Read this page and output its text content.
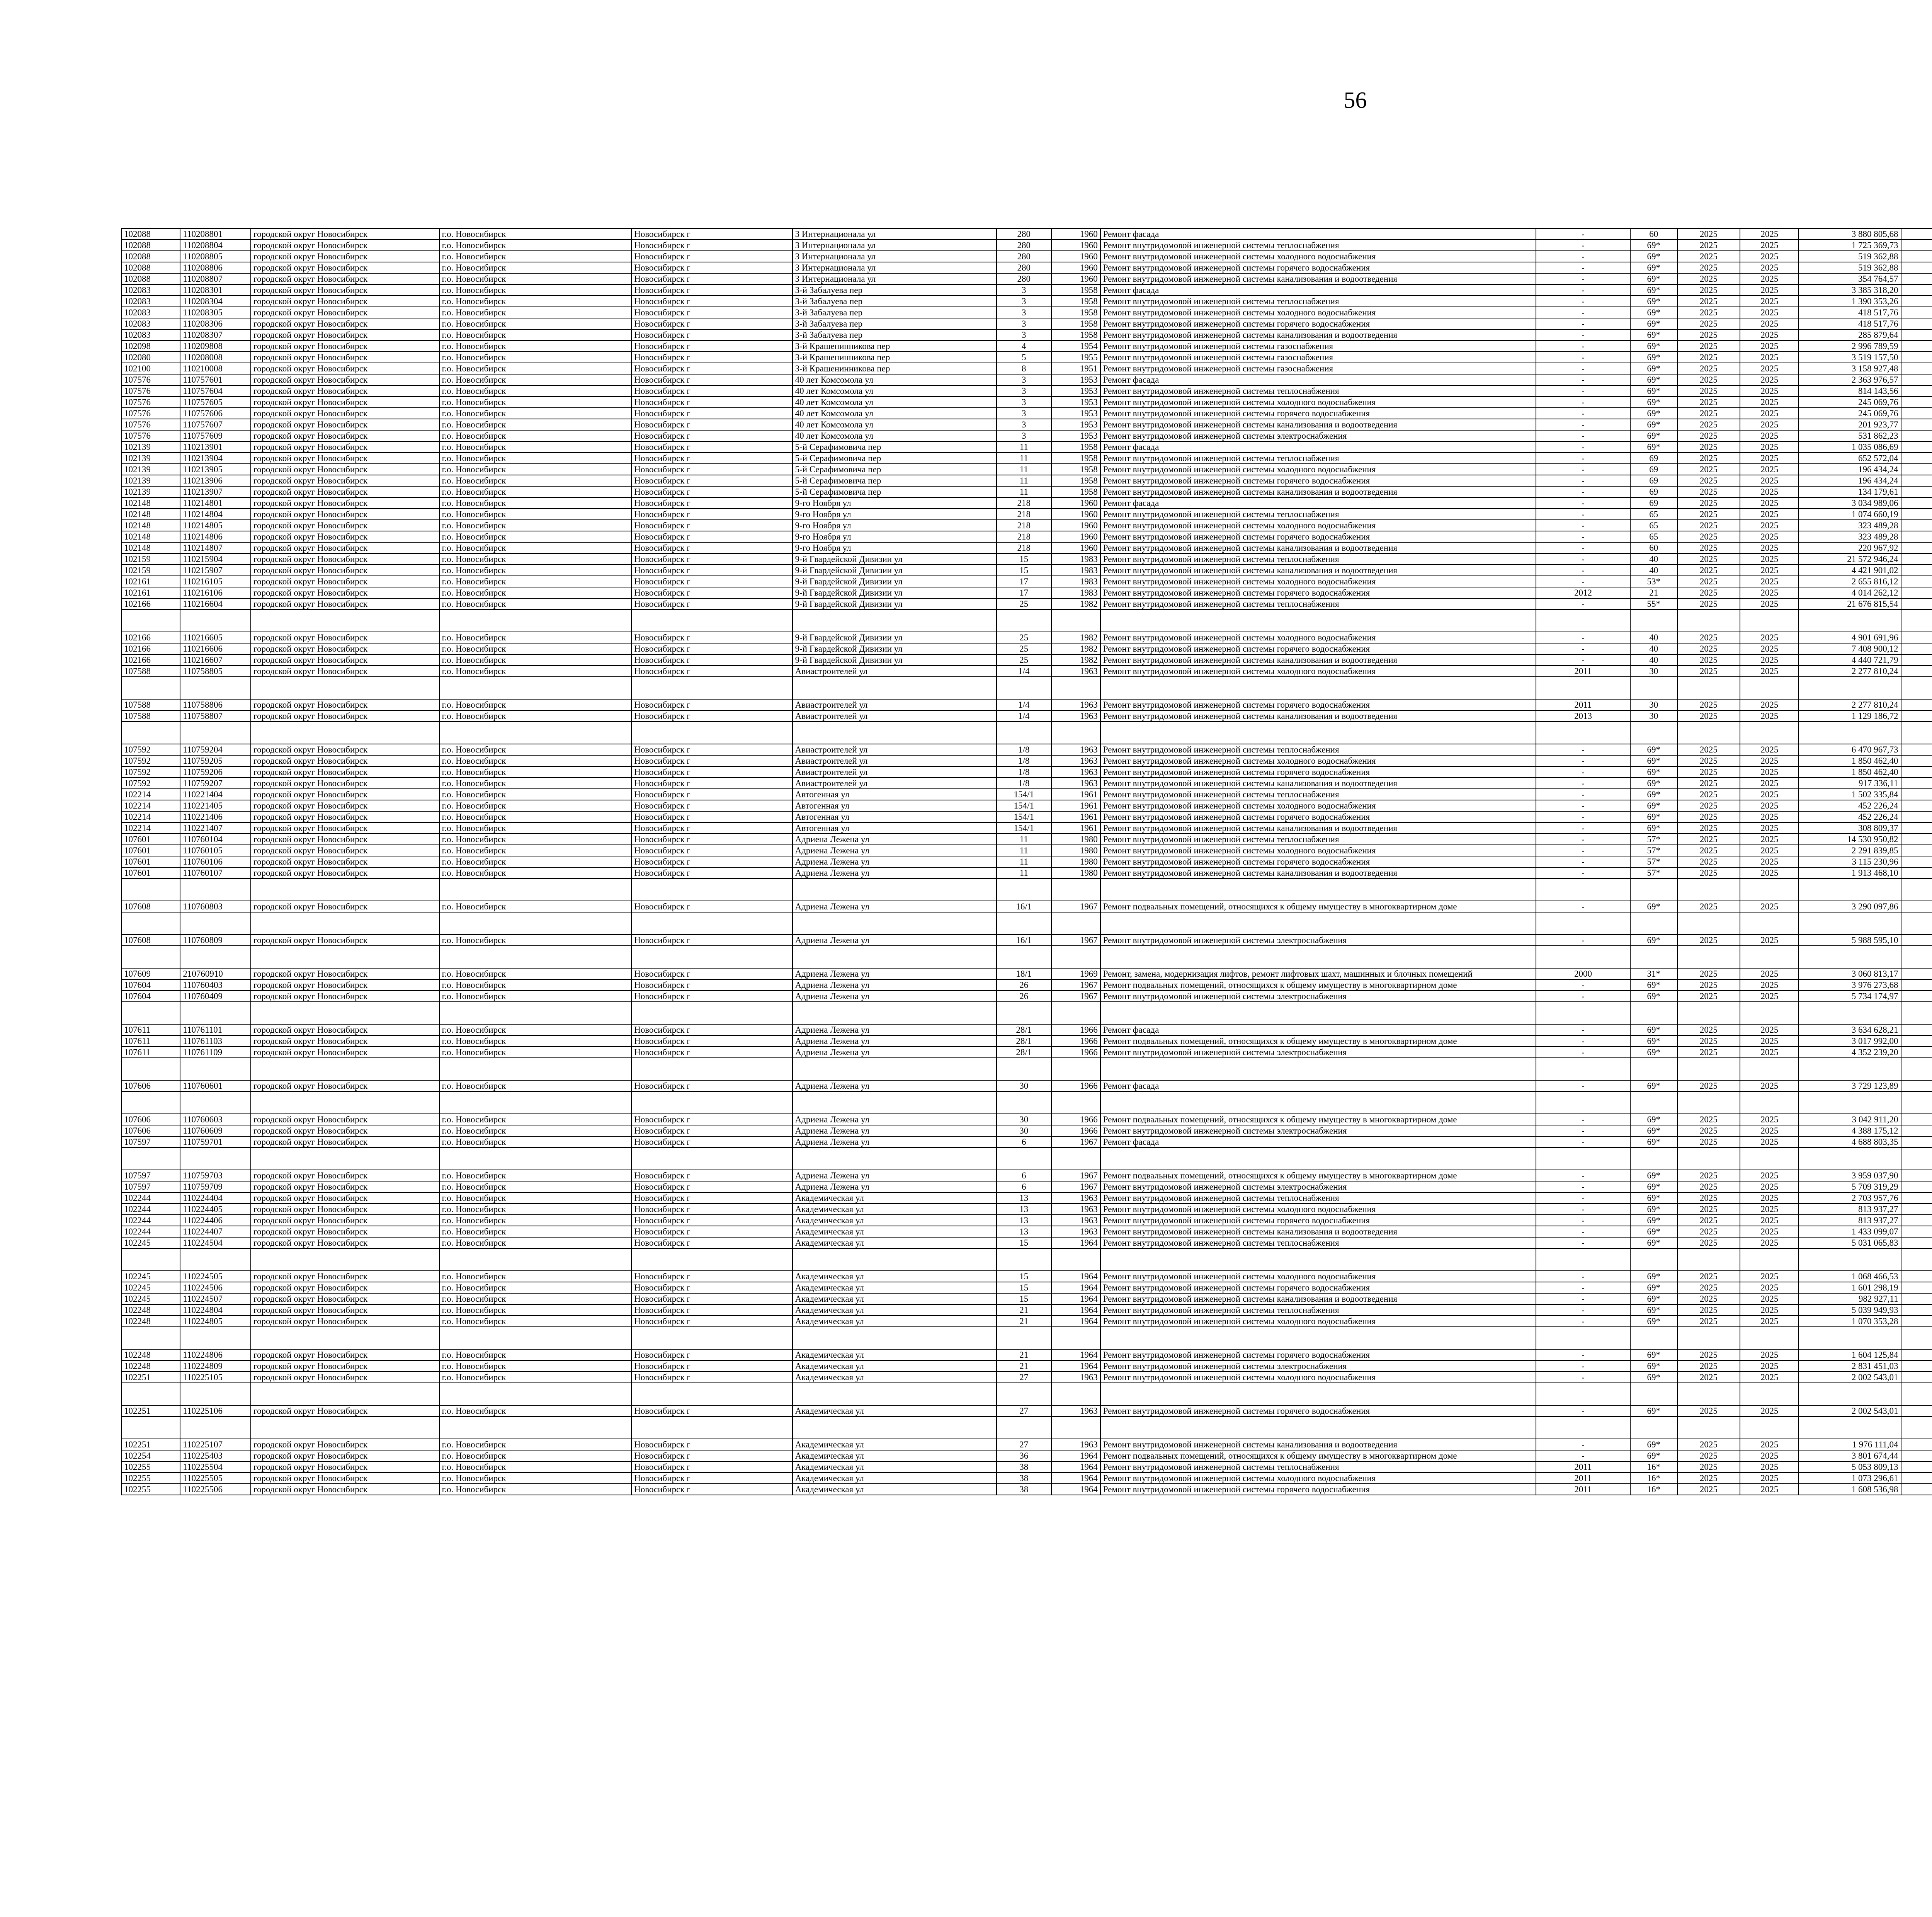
56
102088	110208801	городской округ Новосибирск	г.о. Новосибирск	Новосибирск г	3 Интернационала ул	280	1960	Ремонт фасада	-	60	2025	2025	3 880 805,68							
102088	110208804	городской округ Новосибирск	г.о. Новосибирск	Новосибирск г	3 Интернационала ул	280	1960	Ремонт внутридомовой инженерной системы теплоснабжения	-	69*	2025	2025	1 725 369,73							
102088	110208805	городской округ Новосибирск	г.о. Новосибирск	Новосибирск г	3 Интернационала ул	280	1960	Ремонт внутридомовой инженерной системы холодного водоснабжения	-	69*	2025	2025	519 362,88							
102088	110208806	городской округ Новосибирск	г.о. Новосибирск	Новосибирск г	3 Интернационала ул	280	1960	Ремонт внутридомовой инженерной системы горячего водоснабжения	-	69*	2025	2025	519 362,88							
102088	110208807	городской округ Новосибирск	г.о. Новосибирск	Новосибирск г	3 Интернационала ул	280	1960	Ремонт внутридомовой инженерной системы канализования и водоотведения	-	69*	2025	2025	354 764,57							
102083	110208301	городской округ Новосибирск	г.о. Новосибирск	Новосибирск г	3-й Забалуева пер	3	1958	Ремонт фасада	-	69*	2025	2025	3 385 318,20							
102083	110208304	городской округ Новосибирск	г.о. Новосибирск	Новосибирск г	3-й Забалуева пер	3	1958	Ремонт внутридомовой инженерной системы теплоснабжения	-	69*	2025	2025	1 390 353,26							
102083	110208305	городской округ Новосибирск	г.о. Новосибирск	Новосибирск г	3-й Забалуева пер	3	1958	Ремонт внутридомовой инженерной системы холодного водоснабжения	-	69*	2025	2025	418 517,76							
102083	110208306	городской округ Новосибирск	г.о. Новосибирск	Новосибирск г	3-й Забалуева пер	3	1958	Ремонт внутридомовой инженерной системы горячего водоснабжения	-	69*	2025	2025	418 517,76							
102083	110208307	городской округ Новосибирск	г.о. Новосибирск	Новосибирск г	3-й Забалуева пер	3	1958	Ремонт внутридомовой инженерной системы канализования и водоотведения	-	69*	2025	2025	285 879,64							
102098	110209808	городской округ Новосибирск	г.о. Новосибирск	Новосибирск г	3-й Крашенинникова пер	4	1954	Ремонт внутридомовой инженерной системы газоснабжения	-	69*	2025	2025	2 996 789,59							
102080	110208008	городской округ Новосибирск	г.о. Новосибирск	Новосибирск г	3-й Крашенинникова пер	5	1955	Ремонт внутридомовой инженерной системы газоснабжения	-	69*	2025	2025	3 519 157,50							
102100	110210008	городской округ Новосибирск	г.о. Новосибирск	Новосибирск г	3-й Крашенинникова пер	8	1951	Ремонт внутридомовой инженерной системы газоснабжения	-	69*	2025	2025	3 158 927,48							
107576	110757601	городской округ Новосибирск	г.о. Новосибирск	Новосибирск г	40 лет Комсомола ул	3	1953	Ремонт фасада	-	69*	2025	2025	2 363 976,57							
107576	110757604	городской округ Новосибирск	г.о. Новосибирск	Новосибирск г	40 лет Комсомола ул	3	1953	Ремонт внутридомовой инженерной системы теплоснабжения	-	69*	2025	2025	814 143,56							
107576	110757605	городской округ Новосибирск	г.о. Новосибирск	Новосибирск г	40 лет Комсомола ул	3	1953	Ремонт внутридомовой инженерной системы холодного водоснабжения	-	69*	2025	2025	245 069,76							
107576	110757606	городской округ Новосибирск	г.о. Новосибирск	Новосибирск г	40 лет Комсомола ул	3	1953	Ремонт внутридомовой инженерной системы горячего водоснабжения	-	69*	2025	2025	245 069,76							
107576	110757607	городской округ Новосибирск	г.о. Новосибирск	Новосибирск г	40 лет Комсомола ул	3	1953	Ремонт внутридомовой инженерной системы канализования и водоотведения	-	69*	2025	2025	201 923,77							
107576	110757609	городской округ Новосибирск	г.о. Новосибирск	Новосибирск г	40 лет Комсомола ул	3	1953	Ремонт внутридомовой инженерной системы электроснабжения	-	69*	2025	2025	531 862,23							
102139	110213901	городской округ Новосибирск	г.о. Новосибирск	Новосибирск г	5-й Серафимовича пер	11	1958	Ремонт фасада	-	69*	2025	2025	1 035 086,69							
102139	110213904	городской округ Новосибирск	г.о. Новосибирск	Новосибирск г	5-й Серафимовича пер	11	1958	Ремонт внутридомовой инженерной системы теплоснабжения	-	69	2025	2025	652 572,04							
102139	110213905	городской округ Новосибирск	г.о. Новосибирск	Новосибирск г	5-й Серафимовича пер	11	1958	Ремонт внутридомовой инженерной системы холодного водоснабжения	-	69	2025	2025	196 434,24							
102139	110213906	городской округ Новосибирск	г.о. Новосибирск	Новосибирск г	5-й Серафимовича пер	11	1958	Ремонт внутридомовой инженерной системы горячего водоснабжения	-	69	2025	2025	196 434,24							
102139	110213907	городской округ Новосибирск	г.о. Новосибирск	Новосибирск г	5-й Серафимовича пер	11	1958	Ремонт внутридомовой инженерной системы канализования и водоотведения	-	69	2025	2025	134 179,61							
102148	110214801	городской округ Новосибирск	г.о. Новосибирск	Новосибирск г	9-го Ноября ул	218	1960	Ремонт фасада	-	69	2025	2025	3 034 989,06							
102148	110214804	городской округ Новосибирск	г.о. Новосибирск	Новосибирск г	9-го Ноября ул	218	1960	Ремонт внутридомовой инженерной системы теплоснабжения	-	65	2025	2025	1 074 660,19							
102148	110214805	городской округ Новосибирск	г.о. Новосибирск	Новосибирск г	9-го Ноября ул	218	1960	Ремонт внутридомовой инженерной системы холодного водоснабжения	-	65	2025	2025	323 489,28							
102148	110214806	городской округ Новосибирск	г.о. Новосибирск	Новосибирск г	9-го Ноября ул	218	1960	Ремонт внутридомовой инженерной системы горячего водоснабжения	-	65	2025	2025	323 489,28							
102148	110214807	городской округ Новосибирск	г.о. Новосибирск	Новосибирск г	9-го Ноября ул	218	1960	Ремонт внутридомовой инженерной системы канализования и водоотведения	-	60	2025	2025	220 967,92							
102159	110215904	городской округ Новосибирск	г.о. Новосибирск	Новосибирск г	9-й Гвардейской Дивизии ул	15	1983	Ремонт внутридомовой инженерной системы теплоснабжения	-	40	2025	2025	21 572 946,24							
102159	110215907	городской округ Новосибирск	г.о. Новосибирск	Новосибирск г	9-й Гвардейской Дивизии ул	15	1983	Ремонт внутридомовой инженерной системы канализования и водоотведения	-	40	2025	2025	4 421 901,02							
102161	110216105	городской округ Новосибирск	г.о. Новосибирск	Новосибирск г	9-й Гвардейской Дивизии ул	17	1983	Ремонт внутридомовой инженерной системы холодного водоснабжения	-	53*	2025	2025	2 655 816,12							
102161	110216106	городской округ Новосибирск	г.о. Новосибирск	Новосибирск г	9-й Гвардейской Дивизии ул	17	1983	Ремонт внутридомовой инженерной системы горячего водоснабжения	2012	21	2025	2025	4 014 262,12							
102166	110216604	городской округ Новосибирск	г.о. Новосибирск	Новосибирск г	9-й Гвардейской Дивизии ул	25	1982	Ремонт внутридомовой инженерной системы теплоснабжения	-	55*	2025	2025	21 676 815,54							

102166	110216605	городской округ Новосибирск	г.о. Новосибирск	Новосибирск г	9-й Гвардейской Дивизии ул	25	1982	Ремонт внутридомовой инженерной системы холодного водоснабжения	-	40	2025	2025	4 901 691,96							
102166	110216606	городской округ Новосибирск	г.о. Новосибирск	Новосибирск г	9-й Гвардейской Дивизии ул	25	1982	Ремонт внутридомовой инженерной системы горячего водоснабжения	-	40	2025	2025	7 408 900,12							
102166	110216607	городской округ Новосибирск	г.о. Новосибирск	Новосибирск г	9-й Гвардейской Дивизии ул	25	1982	Ремонт внутридомовой инженерной системы канализования и водоотведения	-	40	2025	2025	4 440 721,79							
107588	110758805	городской округ Новосибирск	г.о. Новосибирск	Новосибирск г	Авиастроителей ул	1/4	1963	Ремонт внутридомовой инженерной системы холодного водоснабжения	2011	30	2025	2025	2 277 810,24							

107588	110758806	городской округ Новосибирск	г.о. Новосибирск	Новосибирск г	Авиастроителей ул	1/4	1963	Ремонт внутридомовой инженерной системы горячего водоснабжения	2011	30	2025	2025	2 277 810,24							
107588	110758807	городской округ Новосибирск	г.о. Новосибирск	Новосибирск г	Авиастроителей ул	1/4	1963	Ремонт внутридомовой инженерной системы канализования и водоотведения	2013	30	2025	2025	1 129 186,72							

107592	110759204	городской округ Новосибирск	г.о. Новосибирск	Новосибирск г	Авиастроителей ул	1/8	1963	Ремонт внутридомовой инженерной системы теплоснабжения	-	69*	2025	2025	6 470 967,73							
107592	110759205	городской округ Новосибирск	г.о. Новосибирск	Новосибирск г	Авиастроителей ул	1/8	1963	Ремонт внутридомовой инженерной системы холодного водоснабжения	-	69*	2025	2025	1 850 462,40							
107592	110759206	городской округ Новосибирск	г.о. Новосибирск	Новосибирск г	Авиастроителей ул	1/8	1963	Ремонт внутридомовой инженерной системы горячего водоснабжения	-	69*	2025	2025	1 850 462,40							
107592	110759207	городской округ Новосибирск	г.о. Новосибирск	Новосибирск г	Авиастроителей ул	1/8	1963	Ремонт внутридомовой инженерной системы канализования и водоотведения	-	69*	2025	2025	917 336,11							
102214	110221404	городской округ Новосибирск	г.о. Новосибирск	Новосибирск г	Автогенная ул	154/1	1961	Ремонт внутридомовой инженерной системы теплоснабжения	-	69*	2025	2025	1 502 335,84							
102214	110221405	городской округ Новосибирск	г.о. Новосибирск	Новосибирск г	Автогенная ул	154/1	1961	Ремонт внутридомовой инженерной системы холодного водоснабжения	-	69*	2025	2025	452 226,24							
102214	110221406	городской округ Новосибирск	г.о. Новосибирск	Новосибирск г	Автогенная ул	154/1	1961	Ремонт внутридомовой инженерной системы горячего водоснабжения	-	69*	2025	2025	452 226,24							
102214	110221407	городской округ Новосибирск	г.о. Новосибирск	Новосибирск г	Автогенная ул	154/1	1961	Ремонт внутридомовой инженерной системы канализования и водоотведения	-	69*	2025	2025	308 809,37							
107601	110760104	городской округ Новосибирск	г.о. Новосибирск	Новосибирск г	Адриена Лежена ул	11	1980	Ремонт внутридомовой инженерной системы теплоснабжения	-	57*	2025	2025	14 530 950,82							
107601	110760105	городской округ Новосибирск	г.о. Новосибирск	Новосибирск г	Адриена Лежена ул	11	1980	Ремонт внутридомовой инженерной системы холодного водоснабжения	-	57*	2025	2025	2 291 839,85							
107601	110760106	городской округ Новосибирск	г.о. Новосибирск	Новосибирск г	Адриена Лежена ул	11	1980	Ремонт внутридомовой инженерной системы горячего водоснабжения	-	57*	2025	2025	3 115 230,96							
107601	110760107	городской округ Новосибирск	г.о. Новосибирск	Новосибирск г	Адриена Лежена ул	11	1980	Ремонт внутридомовой инженерной системы канализования и водоотведения	-	57*	2025	2025	1 913 468,10							

107608	110760803	городской округ Новосибирск	г.о. Новосибирск	Новосибирск г	Адриена Лежена ул	16/1	1967	Ремонт подвальных помещений, относящихся к общему имуществу в многоквартирном доме	-	69*	2025	2025	3 290 097,86							

107608	110760809	городской округ Новосибирск	г.о. Новосибирск	Новосибирск г	Адриена Лежена ул	16/1	1967	Ремонт внутридомовой инженерной системы электроснабжения	-	69*	2025	2025	5 988 595,10							

107609	210760910	городской округ Новосибирск	г.о. Новосибирск	Новосибирск г	Адриена Лежена ул	18/1	1969	Ремонт, замена, модернизация лифтов, ремонт лифтовых шахт, машинных и блочных помещений	2000	31*	2025	2025	3 060 813,17							
107604	110760403	городской округ Новосибирск	г.о. Новосибирск	Новосибирск г	Адриена Лежена ул	26	1967	Ремонт подвальных помещений, относящихся к общему имуществу в многоквартирном доме	-	69*	2025	2025	3 976 273,68							
107604	110760409	городской округ Новосибирск	г.о. Новосибирск	Новосибирск г	Адриена Лежена ул	26	1967	Ремонт внутридомовой инженерной системы электроснабжения	-	69*	2025	2025	5 734 174,97							

107611	110761101	городской округ Новосибирск	г.о. Новосибирск	Новосибирск г	Адриена Лежена ул	28/1	1966	Ремонт фасада	-	69*	2025	2025	3 634 628,21							
107611	110761103	городской округ Новосибирск	г.о. Новосибирск	Новосибирск г	Адриена Лежена ул	28/1	1966	Ремонт подвальных помещений, относящихся к общему имуществу в многоквартирном доме	-	69*	2025	2025	3 017 992,00							
107611	110761109	городской округ Новосибирск	г.о. Новосибирск	Новосибирск г	Адриена Лежена ул	28/1	1966	Ремонт внутридомовой инженерной системы электроснабжения	-	69*	2025	2025	4 352 239,20							

107606	110760601	городской округ Новосибирск	г.о. Новосибирск	Новосибирск г	Адриена Лежена ул	30	1966	Ремонт фасада	-	69*	2025	2025	3 729 123,89							

107606	110760603	городской округ Новосибирск	г.о. Новосибирск	Новосибирск г	Адриена Лежена ул	30	1966	Ремонт подвальных помещений, относящихся к общему имуществу в многоквартирном доме	-	69*	2025	2025	3 042 911,20							
107606	110760609	городской округ Новосибирск	г.о. Новосибирск	Новосибирск г	Адриена Лежена ул	30	1966	Ремонт внутридомовой инженерной системы электроснабжения	-	69*	2025	2025	4 388 175,12							
107597	110759701	городской округ Новосибирск	г.о. Новосибирск	Новосибирск г	Адриена Лежена ул	6	1967	Ремонт фасада	-	69*	2025	2025	4 688 803,35							

107597	110759703	городской округ Новосибирск	г.о. Новосибирск	Новосибирск г	Адриена Лежена ул	6	1967	Ремонт подвальных помещений, относящихся к общему имуществу в многоквартирном доме	-	69*	2025	2025	3 959 037,90							
107597	110759709	городской округ Новосибирск	г.о. Новосибирск	Новосибирск г	Адриена Лежена ул	6	1967	Ремонт внутридомовой инженерной системы электроснабжения	-	69*	2025	2025	5 709 319,29							
102244	110224404	городской округ Новосибирск	г.о. Новосибирск	Новосибирск г	Академическая ул	13	1963	Ремонт внутридомовой инженерной системы теплоснабжения	-	69*	2025	2025	2 703 957,76							
102244	110224405	городской округ Новосибирск	г.о. Новосибирск	Новосибирск г	Академическая ул	13	1963	Ремонт внутридомовой инженерной системы холодного водоснабжения	-	69*	2025	2025	813 937,27							
102244	110224406	городской округ Новосибирск	г.о. Новосибирск	Новосибирск г	Академическая ул	13	1963	Ремонт внутридомовой инженерной системы горячего водоснабжения	-	69*	2025	2025	813 937,27							
102244	110224407	городской округ Новосибирск	г.о. Новосибирск	Новосибирск г	Академическая ул	13	1963	Ремонт внутридомовой инженерной системы канализования и водоотведения	-	69*	2025	2025	1 433 099,07							
102245	110224504	городской округ Новосибирск	г.о. Новосибирск	Новосибирск г	Академическая ул	15	1964	Ремонт внутридомовой инженерной системы теплоснабжения	-	69*	2025	2025	5 031 065,83							

102245	110224505	городской округ Новосибирск	г.о. Новосибирск	Новосибирск г	Академическая ул	15	1964	Ремонт внутридомовой инженерной системы холодного водоснабжения	-	69*	2025	2025	1 068 466,53							
102245	110224506	городской округ Новосибирск	г.о. Новосибирск	Новосибирск г	Академическая ул	15	1964	Ремонт внутридомовой инженерной системы горячего водоснабжения	-	69*	2025	2025	1 601 298,19							
102245	110224507	городской округ Новосибирск	г.о. Новосибирск	Новосибирск г	Академическая ул	15	1964	Ремонт внутридомовой инженерной системы канализования и водоотведения	-	69*	2025	2025	982 927,11							
102248	110224804	городской округ Новосибирск	г.о. Новосибирск	Новосибирск г	Академическая ул	21	1964	Ремонт внутридомовой инженерной системы теплоснабжения	-	69*	2025	2025	5 039 949,93							
102248	110224805	городской округ Новосибирск	г.о. Новосибирск	Новосибирск г	Академическая ул	21	1964	Ремонт внутридомовой инженерной системы холодного водоснабжения	-	69*	2025	2025	1 070 353,28							

102248	110224806	городской округ Новосибирск	г.о. Новосибирск	Новосибирск г	Академическая ул	21	1964	Ремонт внутридомовой инженерной системы горячего водоснабжения	-	69*	2025	2025	1 604 125,84							
102248	110224809	городской округ Новосибирск	г.о. Новосибирск	Новосибирск г	Академическая ул	21	1964	Ремонт внутридомовой инженерной системы электроснабжения	-	69*	2025	2025	2 831 451,03							
102251	110225105	городской округ Новосибирск	г.о. Новосибирск	Новосибирск г	Академическая ул	27	1963	Ремонт внутридомовой инженерной системы холодного водоснабжения	-	69*	2025	2025	2 002 543,01							

102251	110225106	городской округ Новосибирск	г.о. Новосибирск	Новосибирск г	Академическая ул	27	1963	Ремонт внутридомовой инженерной системы горячего водоснабжения	-	69*	2025	2025	2 002 543,01							

102251	110225107	городской округ Новосибирск	г.о. Новосибирск	Новосибирск г	Академическая ул	27	1963	Ремонт внутридомовой инженерной системы канализования и водоотведения	-	69*	2025	2025	1 976 111,04							
102254	110225403	городской округ Новосибирск	г.о. Новосибирск	Новосибирск г	Академическая ул	36	1964	Ремонт подвальных помещений, относящихся к общему имуществу в многоквартирном доме	-	69*	2025	2025	3 801 674,44							
102255	110225504	городской округ Новосибирск	г.о. Новосибирск	Новосибирск г	Академическая ул	38	1964	Ремонт внутридомовой инженерной системы теплоснабжения	2011	16*	2025	2025	5 053 809,13							
102255	110225505	городской округ Новосибирск	г.о. Новосибирск	Новосибирск г	Академическая ул	38	1964	Ремонт внутридомовой инженерной системы холодного водоснабжения	2011	16*	2025	2025	1 073 296,61							
102255	110225506	городской округ Новосибирск	г.о. Новосибирск	Новосибирск г	Академическая ул	38	1964	Ремонт внутридомовой инженерной системы горячего водоснабжения	2011	16*	2025	2025	1 608 536,98							
